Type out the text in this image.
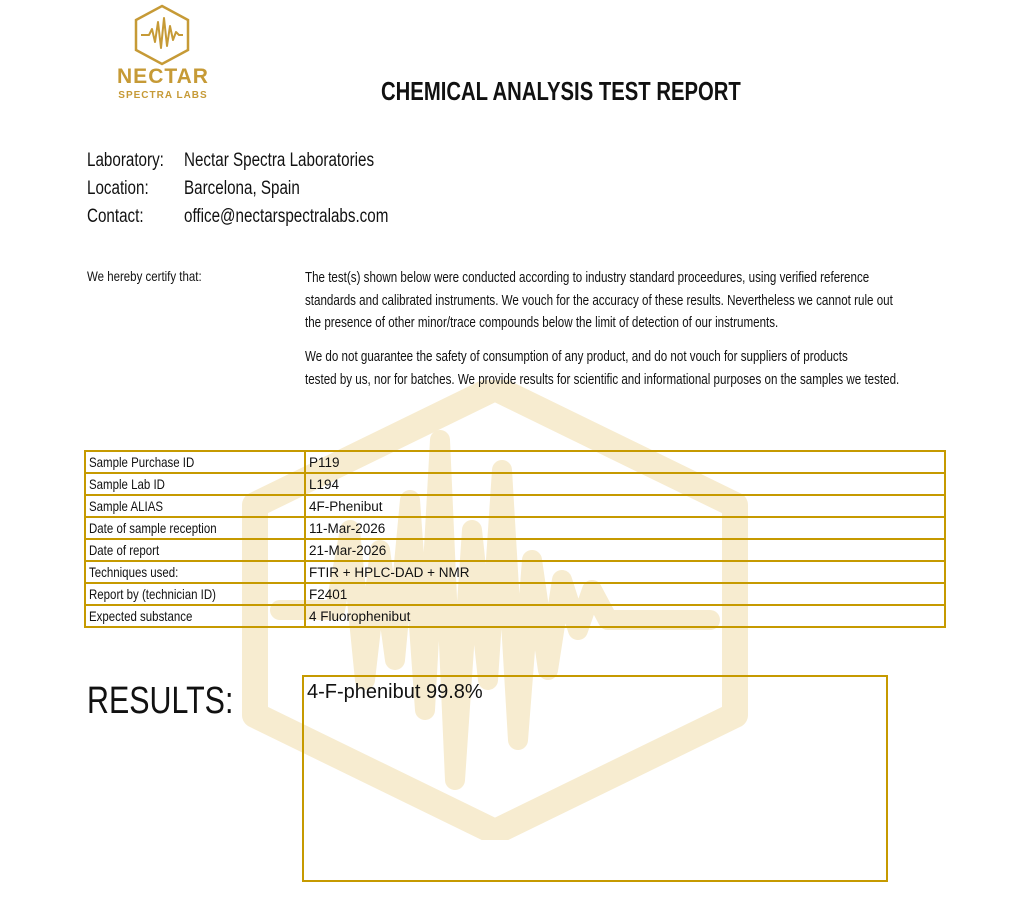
NECTAR
SPECTRA LABS	CHEMICAL ANALYSIS TEST REPORT
Laboratory: Nectar Spectra Laboratories
Location: Barcelona, Spain
Contact: office@nectarspectralabs.com
We hereby certify that:	The test(s) shown below were conducted according to industry standard proceedures, using verified reference
standards and calibrated instruments. We vouch for the accuracy of these results. Nevertheless we cannot rule out
the presence of other minor/trace compounds below the limit of detection of our instruments.
We do not guarantee the safety of consumption of any product, and do not vouch for suppliers of products
tested by us, nor for batches. We provide results for scientific and informational purposes on the samples we tested.
Sample Purchase ID	P119
Sample Lab ID	L194
Sample ALIAS	4F-Phenibut
Date of sample reception	11-Mar-2026
Date of report	21-Mar-2026
Techniques used:	FTIR + HPLC-DAD + NMR
Report by (technician ID)	F2401
Expected substance	4 Fluorophenibut
RESULTS:	4-F-phenibut 99.8%
